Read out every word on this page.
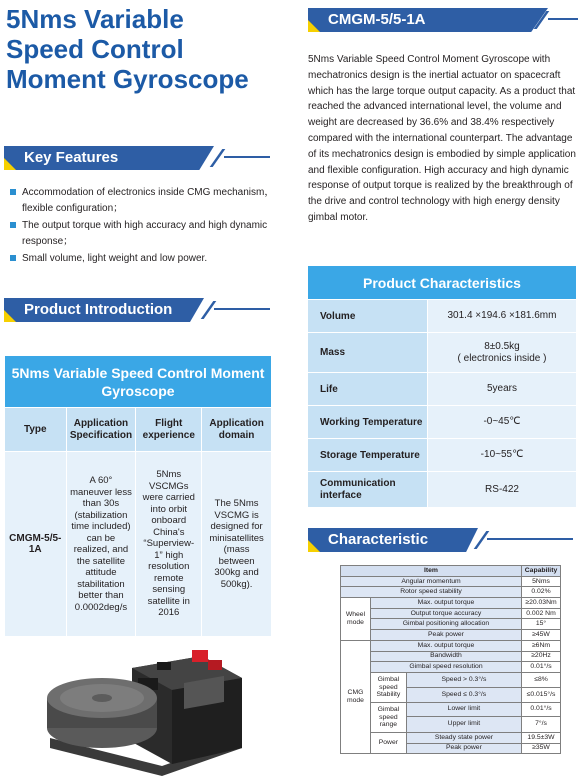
5Nms Variable
Speed Control
Moment Gyroscope
CMGM-5/5-1A
Key Features
Accommodation of electronics inside CMG mechanism， flexible configuration；
The output torque with high accuracy and high dynamic response；
Small volume, light weight and low power.
Product Introduction
5Nms Variable Speed Control Moment Gyroscope			
Type	Application Specification	Flight experience	Application domain
CMGM-5/5-1A	A 60° maneuver less than 30s (stabilization time included) can be realized, and the satellite attitude stabilitation better than 0.0002deg/s	5Nms VSCMGs were carried into orbit onboard China's “Superview-1” high resolution remote sensing satellite in 2016	The 5Nms VSCMG is designed for minisatellites (mass between 300kg and 500kg).
5Nms Variable Speed Control Moment Gyroscope with mechatronics design is the inertial actuator on spacecraft which has the large torque output capacity. As a product that reached the advanced international level, the volume and weight are decreased by 36.6% and 38.4% respectively compared with the international counterpart. The advantage of its mechatronics design is embodied by simple application and flexible configuration. High accuracy and high dynamic response of output torque is realized by the breakthrough of the drive and control technology with high energy density gimbal motor.
Product Characteristics	
Volume	301.4 ×194.6 ×181.6mm
Mass	8±0.5kg
( electronics inside )

Life	5years
Working Temperature	-0~45℃
Storage Temperature	-10~55℃
Communication interface	RS-422
Characteristic
Item			Capability
Angular momentum			5Nms
Rotor speed stability			0.02%
Wheel mode	Max. output torque		≥20.03Nm
	Output torque accuracy		0.002 Nm
	Gimbal positioning allocation		15°
	Peak power		≥45W
CMG mode	Max. output torque		≥6Nm
	Bandwidth		≥20Hz
	Gimbal speed resolution		0.01°/s
	Gimbal speed Stability	Speed > 0.3°/s	≤8%
		Speed ≤ 0.3°/s	≤0.015°/s
	Gimbal speed range	Lower limit	0.01°/s
		Upper limit	7°/s
	Power	Steady state power	19.5±3W
		Peak power	≥35W
